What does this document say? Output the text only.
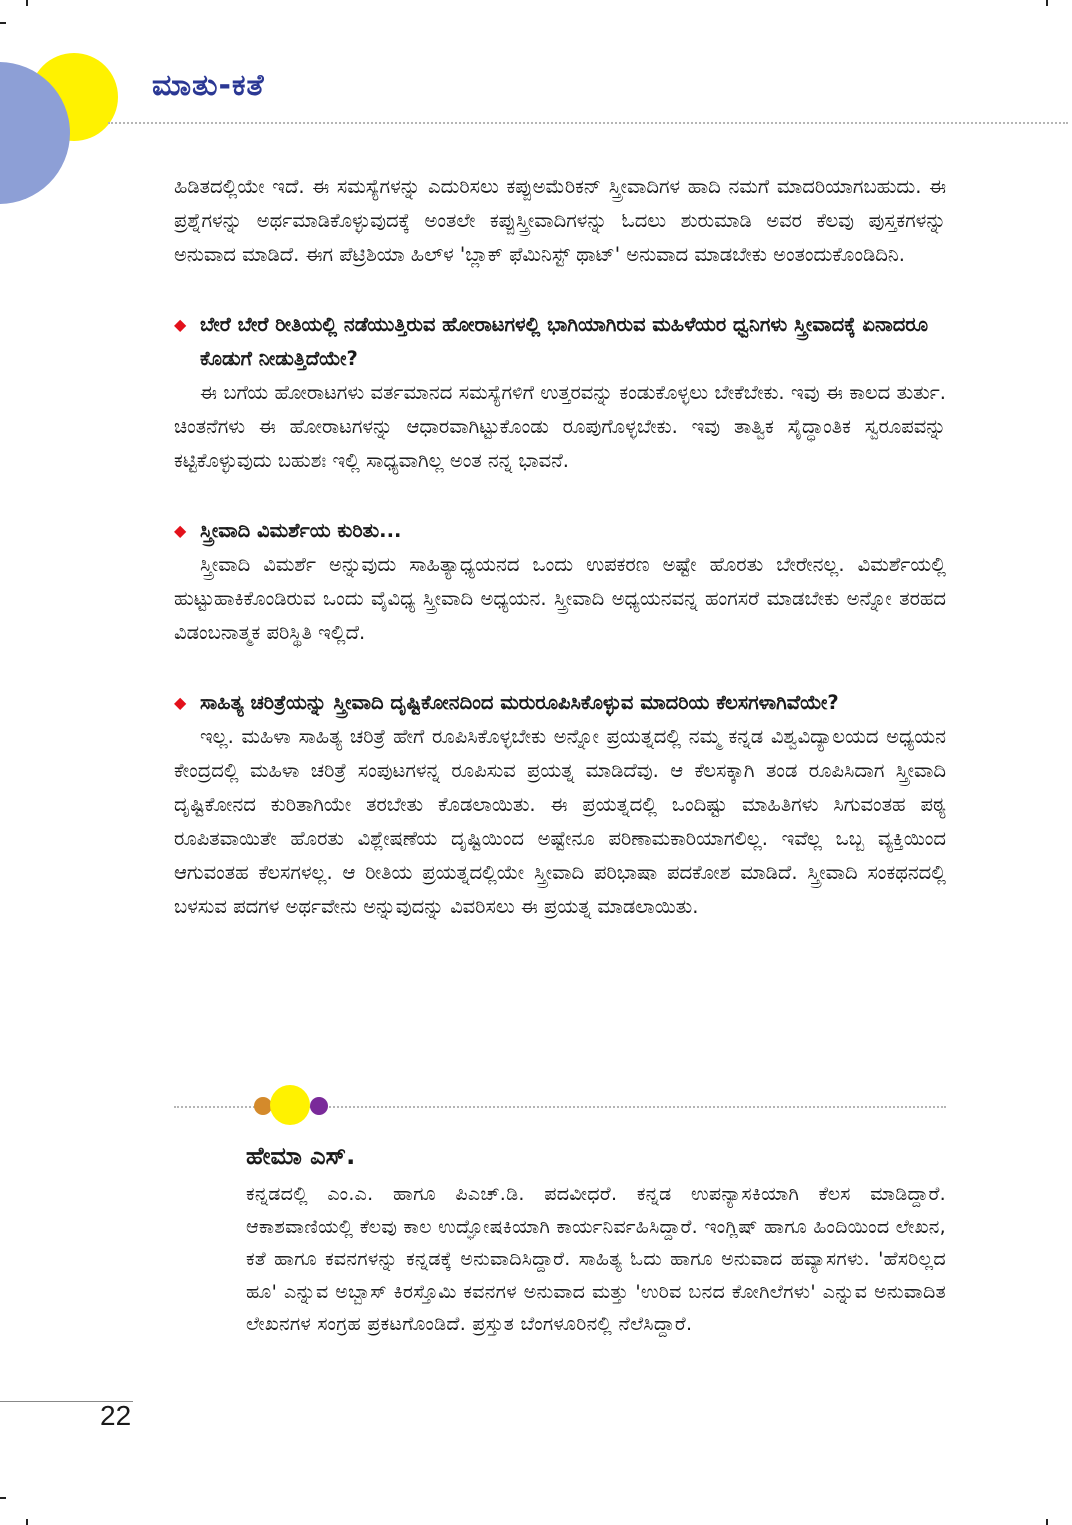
ಮಾತು-ಕತೆ

ಹಿಡಿತದಲ್ಲಿಯೇ ಇದೆ. ಈ ಸಮಸ್ಯೆಗಳನ್ನು ಎದುರಿಸಲು ಕಪ್ಪುಅಮೆರಿಕನ್ ಸ್ತ್ರೀವಾದಿಗಳ ಹಾದಿ ನಮಗೆ ಮಾದರಿಯಾಗಬಹುದು. ಈ ಪ್ರಶ್ನೆಗಳನ್ನು ಅರ್ಥಮಾಡಿಕೊಳ್ಳುವುದಕ್ಕೆ ಅಂತಲೇ ಕಪ್ಪುಸ್ತ್ರೀವಾದಿಗಳನ್ನು ಓದಲು ಶುರುಮಾಡಿ ಅವರ ಕೆಲವು ಪುಸ್ತಕಗಳನ್ನು ಅನುವಾದ ಮಾಡಿದೆ. ಈಗ ಪೆಟ್ರಿಶಿಯಾ ಹಿಲ್‌ಳ 'ಬ್ಲಾಕ್ ಫೆಮಿನಿಸ್ಟ್ ಥಾಟ್' ಅನುವಾದ ಮಾಡಬೇಕು ಅಂತಂದುಕೊಂಡಿದಿನಿ.

◆ ಬೇರೆ ಬೇರೆ ರೀತಿಯಲ್ಲಿ ನಡೆಯುತ್ತಿರುವ ಹೋರಾಟಗಳಲ್ಲಿ ಭಾಗಿಯಾಗಿರುವ ಮಹಿಳೆಯರ ಧ್ವನಿಗಳು ಸ್ತ್ರೀವಾದಕ್ಕೆ ಏನಾದರೂ ಕೊಡುಗೆ ನೀಡುತ್ತಿದೆಯೇ?

ಈ ಬಗೆಯ ಹೋರಾಟಗಳು ವರ್ತಮಾನದ ಸಮಸ್ಯೆಗಳಿಗೆ ಉತ್ತರವನ್ನು ಕಂಡುಕೊಳ್ಳಲು ಬೇಕೆಬೇಕು. ಇವು ಈ ಕಾಲದ ತುರ್ತು. ಚಿಂತನೆಗಳು ಈ ಹೋರಾಟಗಳನ್ನು ಆಧಾರವಾಗಿಟ್ಟುಕೊಂಡು ರೂಪುಗೊಳ್ಳಬೇಕು. ಇವು ತಾತ್ವಿಕ ಸೈದ್ಧಾಂತಿಕ ಸ್ವರೂಪವನ್ನು ಕಟ್ಟಿಕೊಳ್ಳುವುದು ಬಹುಶಃ ಇಲ್ಲಿ ಸಾಧ್ಯವಾಗಿಲ್ಲ ಅಂತ ನನ್ನ ಭಾವನೆ.

◆ ಸ್ತ್ರೀವಾದಿ ವಿಮರ್ಶೆಯ ಕುರಿತು...

ಸ್ತ್ರೀವಾದಿ ವಿಮರ್ಶೆ ಅನ್ನುವುದು ಸಾಹಿತ್ಯಾಧ್ಯಯನದ ಒಂದು ಉಪಕರಣ ಅಷ್ಟೇ ಹೊರತು ಬೇರೇನಲ್ಲ. ವಿಮರ್ಶೆಯಲ್ಲಿ ಹುಟ್ಟುಹಾಕಿಕೊಂಡಿರುವ ಒಂದು ವೈವಿಧ್ಯ ಸ್ತ್ರೀವಾದಿ ಅಧ್ಯಯನ. ಸ್ತ್ರೀವಾದಿ ಅಧ್ಯಯನವನ್ನ ಹಂಗಸರೆ ಮಾಡಬೇಕು ಅನ್ನೋ ತರಹದ ವಿಡಂಬನಾತ್ಮಕ ಪರಿಸ್ಥಿತಿ ಇಲ್ಲಿದೆ.

◆ ಸಾಹಿತ್ಯ ಚರಿತ್ರೆಯನ್ನು ಸ್ತ್ರೀವಾದಿ ದೃಷ್ಟಿಕೋನದಿಂದ ಮರುರೂಪಿಸಿಕೊಳ್ಳುವ ಮಾದರಿಯ ಕೆಲಸಗಳಾಗಿವೆಯೇ?

ಇಲ್ಲ. ಮಹಿಳಾ ಸಾಹಿತ್ಯ ಚರಿತ್ರೆ ಹೇಗೆ ರೂಪಿಸಿಕೊಳ್ಳಬೇಕು ಅನ್ನೋ ಪ್ರಯತ್ನದಲ್ಲಿ ನಮ್ಮ ಕನ್ನಡ ವಿಶ್ವವಿದ್ಯಾಲಯದ ಅಧ್ಯಯನ ಕೇಂದ್ರದಲ್ಲಿ ಮಹಿಳಾ ಚರಿತ್ರೆ ಸಂಪುಟಗಳನ್ನ ರೂಪಿಸುವ ಪ್ರಯತ್ನ ಮಾಡಿದೆವು. ಆ ಕೆಲಸಕ್ಕಾಗಿ ತಂಡ ರೂಪಿಸಿದಾಗ ಸ್ತ್ರೀವಾದಿ ದೃಷ್ಟಿಕೋನದ ಕುರಿತಾಗಿಯೇ ತರಬೇತು ಕೊಡಲಾಯಿತು. ಈ ಪ್ರಯತ್ನದಲ್ಲಿ ಒಂದಿಷ್ಟು ಮಾಹಿತಿಗಳು ಸಿಗುವಂತಹ ಪಠ್ಯ ರೂಪಿತವಾಯಿತೇ ಹೊರತು ವಿಶ್ಲೇಷಣೆಯ ದೃಷ್ಟಿಯಿಂದ ಅಷ್ಟೇನೂ ಪರಿಣಾಮಕಾರಿಯಾಗಲಿಲ್ಲ. ಇವೆಲ್ಲ ಒಬ್ಬ ವ್ಯಕ್ತಿಯಿಂದ ಆಗುವಂತಹ ಕೆಲಸಗಳಲ್ಲ. ಆ ರೀತಿಯ ಪ್ರಯತ್ನದಲ್ಲಿಯೇ ಸ್ತ್ರೀವಾದಿ ಪರಿಭಾಷಾ ಪದಕೋಶ ಮಾಡಿದೆ. ಸ್ತ್ರೀವಾದಿ ಸಂಕಥನದಲ್ಲಿ ಬಳಸುವ ಪದಗಳ ಅರ್ಥವೇನು ಅನ್ನುವುದನ್ನು ವಿವರಿಸಲು ಈ ಪ್ರಯತ್ನ ಮಾಡಲಾಯಿತು.

ಹೇಮಾ ಎಸ್.

ಕನ್ನಡದಲ್ಲಿ ಎಂ.ಎ. ಹಾಗೂ ಪಿಎಚ್.ಡಿ. ಪದವೀಧರೆ. ಕನ್ನಡ ಉಪನ್ಯಾಸಕಿಯಾಗಿ ಕೆಲಸ ಮಾಡಿದ್ದಾರೆ. ಆಕಾಶವಾಣಿಯಲ್ಲಿ ಕೆಲವು ಕಾಲ ಉದ್ಘೋಷಕಿಯಾಗಿ ಕಾರ್ಯನಿರ್ವಹಿಸಿದ್ದಾರೆ. ಇಂಗ್ಲಿಷ್ ಹಾಗೂ ಹಿಂದಿಯಿಂದ ಲೇಖನ, ಕತೆ ಹಾಗೂ ಕವನಗಳನ್ನು ಕನ್ನಡಕ್ಕೆ ಅನುವಾದಿಸಿದ್ದಾರೆ. ಸಾಹಿತ್ಯ ಓದು ಹಾಗೂ ಅನುವಾದ ಹವ್ಯಾಸಗಳು. 'ಹೆಸರಿಲ್ಲದ ಹೂ' ಎನ್ನುವ ಅಬ್ಬಾಸ್ ಕಿರಸ್ತೊಮಿ ಕವನಗಳ ಅನುವಾದ ಮತ್ತು 'ಉರಿವ ಬನದ ಕೋಗಿಲೆಗಳು' ಎನ್ನುವ ಅನುವಾದಿತ ಲೇಖನಗಳ ಸಂಗ್ರಹ ಪ್ರಕಟಗೊಂಡಿದೆ. ಪ್ರಸ್ತುತ ಬೆಂಗಳೂರಿನಲ್ಲಿ ನೆಲೆಸಿದ್ದಾರೆ.

22
